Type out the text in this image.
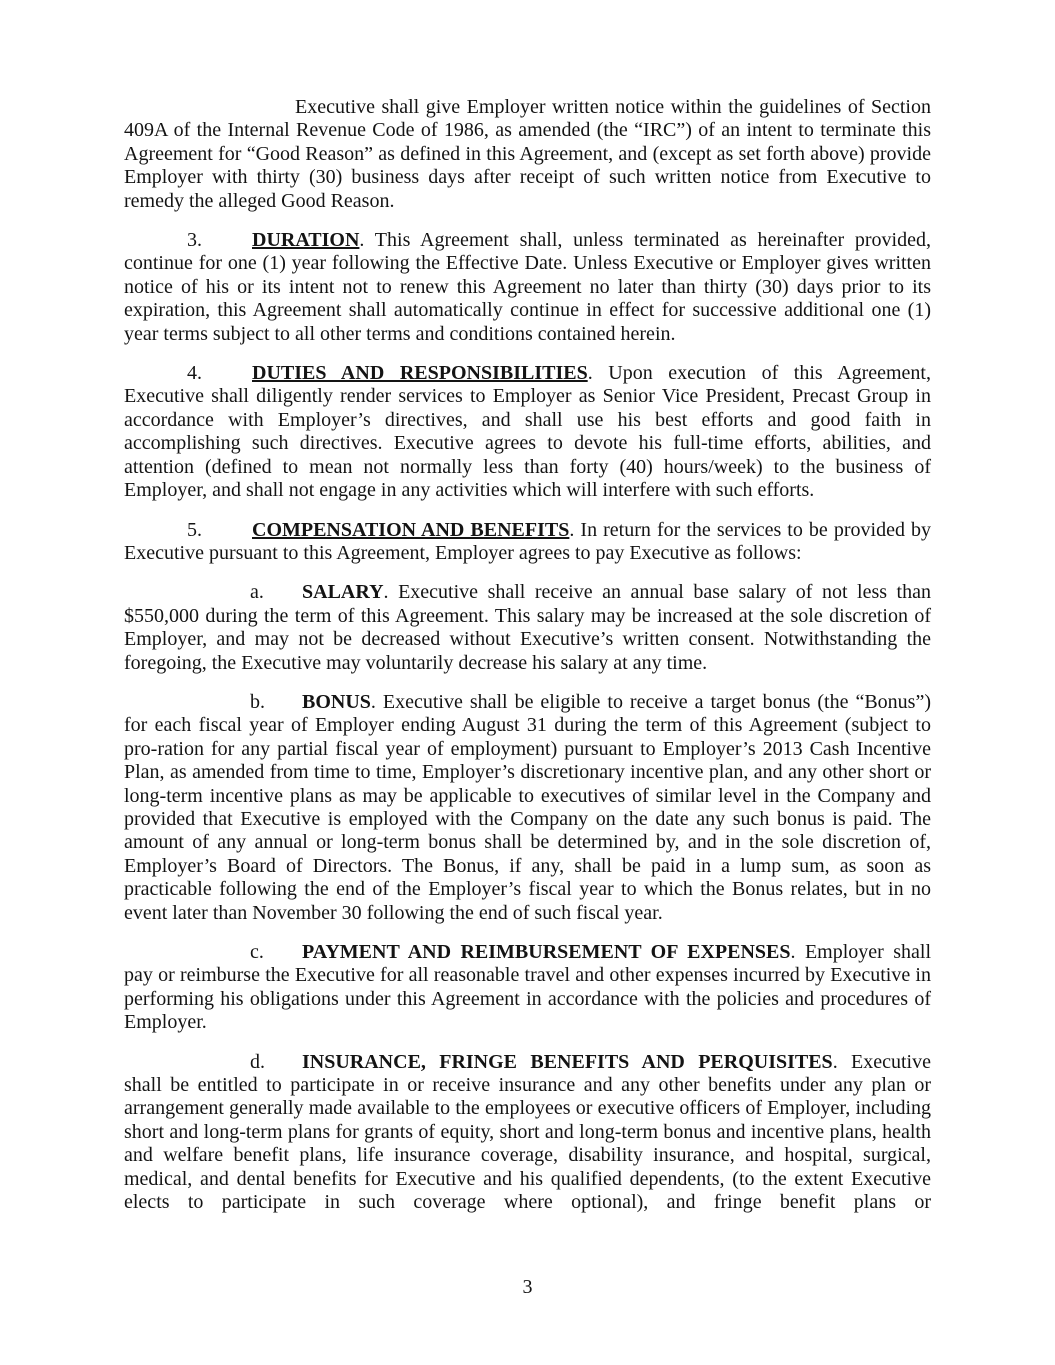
Executive shall give Employer written notice within the guidelines of Section 409A of the Internal Revenue Code of 1986, as amended (the “IRC”) of an intent to terminate this Agreement for “Good Reason” as defined in this Agreement, and (except as set forth above) provide Employer with thirty (30) business days after receipt of such written notice from Executive to remedy the alleged Good Reason.

3.	DURATION. This Agreement shall, unless terminated as hereinafter provided, continue for one (1) year following the Effective Date. Unless Executive or Employer gives written notice of his or its intent not to renew this Agreement no later than thirty (30) days prior to its expiration, this Agreement shall automatically continue in effect for successive additional one (1) year terms subject to all other terms and conditions contained herein.

4.	DUTIES AND RESPONSIBILITIES. Upon execution of this Agreement, Executive shall diligently render services to Employer as Senior Vice President, Precast Group in accordance with Employer’s directives, and shall use his best efforts and good faith in accomplishing such directives. Executive agrees to devote his full-time efforts, abilities, and attention (defined to mean not normally less than forty (40) hours/week) to the business of Employer, and shall not engage in any activities which will interfere with such efforts.

5.	COMPENSATION AND BENEFITS. In return for the services to be provided by Executive pursuant to this Agreement, Employer agrees to pay Executive as follows:

a. SALARY. Executive shall receive an annual base salary of not less than $550,000 during the term of this Agreement. This salary may be increased at the sole discretion of Employer, and may not be decreased without Executive’s written consent. Notwithstanding the foregoing, the Executive may voluntarily decrease his salary at any time.

b. BONUS. Executive shall be eligible to receive a target bonus (the “Bonus”) for each fiscal year of Employer ending August 31 during the term of this Agreement (subject to pro-ration for any partial fiscal year of employment) pursuant to Employer’s 2013 Cash Incentive Plan, as amended from time to time, Employer’s discretionary incentive plan, and any other short or long-term incentive plans as may be applicable to executives of similar level in the Company and provided that Executive is employed with the Company on the date any such bonus is paid. The amount of any annual or long-term bonus shall be determined by, and in the sole discretion of, Employer’s Board of Directors. The Bonus, if any, shall be paid in a lump sum, as soon as practicable following the end of the Employer’s fiscal year to which the Bonus relates, but in no event later than November 30 following the end of such fiscal year.

c. PAYMENT AND REIMBURSEMENT OF EXPENSES. Employer shall pay or reimburse the Executive for all reasonable travel and other expenses incurred by Executive in performing his obligations under this Agreement in accordance with the policies and procedures of Employer.

d. INSURANCE, FRINGE BENEFITS AND PERQUISITES. Executive shall be entitled to participate in or receive insurance and any other benefits under any plan or arrangement generally made available to the employees or executive officers of Employer, including short and long-term plans for grants of equity, short and long-term bonus and incentive plans, health and welfare benefit plans, life insurance coverage, disability insurance, and hospital, surgical, medical, and dental benefits for Executive and his qualified dependents, (to the extent Executive elects to participate in such coverage where optional), and fringe benefit plans or

3
